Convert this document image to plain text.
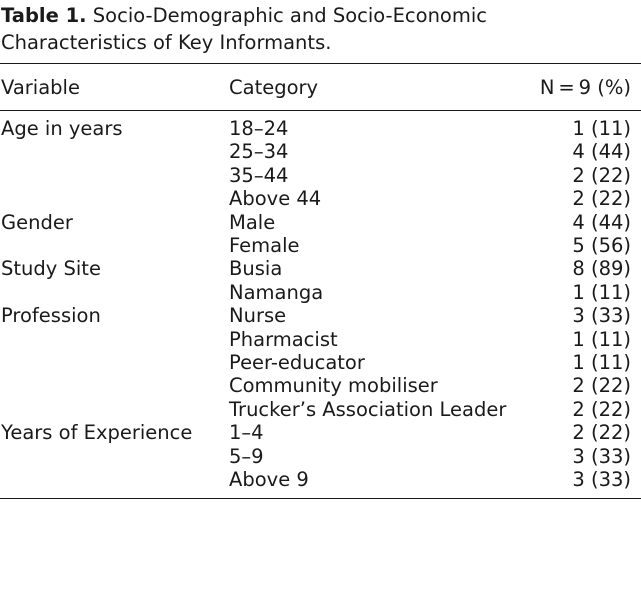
Table 1. Socio-Demographic and Socio-Economic Characteristics of Key Informants.
Variable	Category	N = 9 (%)

Age in years	18–24	1 (11)
	25–34	4 (44)
	35–44	2 (22)
	Above 44	2 (22)
Gender	Male	4 (44)
	Female	5 (56)
Study Site	Busia	8 (89)
	Namanga	1 (11)
Profession	Nurse	3 (33)
	Pharmacist	1 (11)
	Peer-educator	1 (11)
	Community mobiliser	2 (22)
	Trucker’s Association Leader	2 (22)
Years of Experience	1–4	2 (22)
	5–9	3 (33)
	Above 9	3 (33)
